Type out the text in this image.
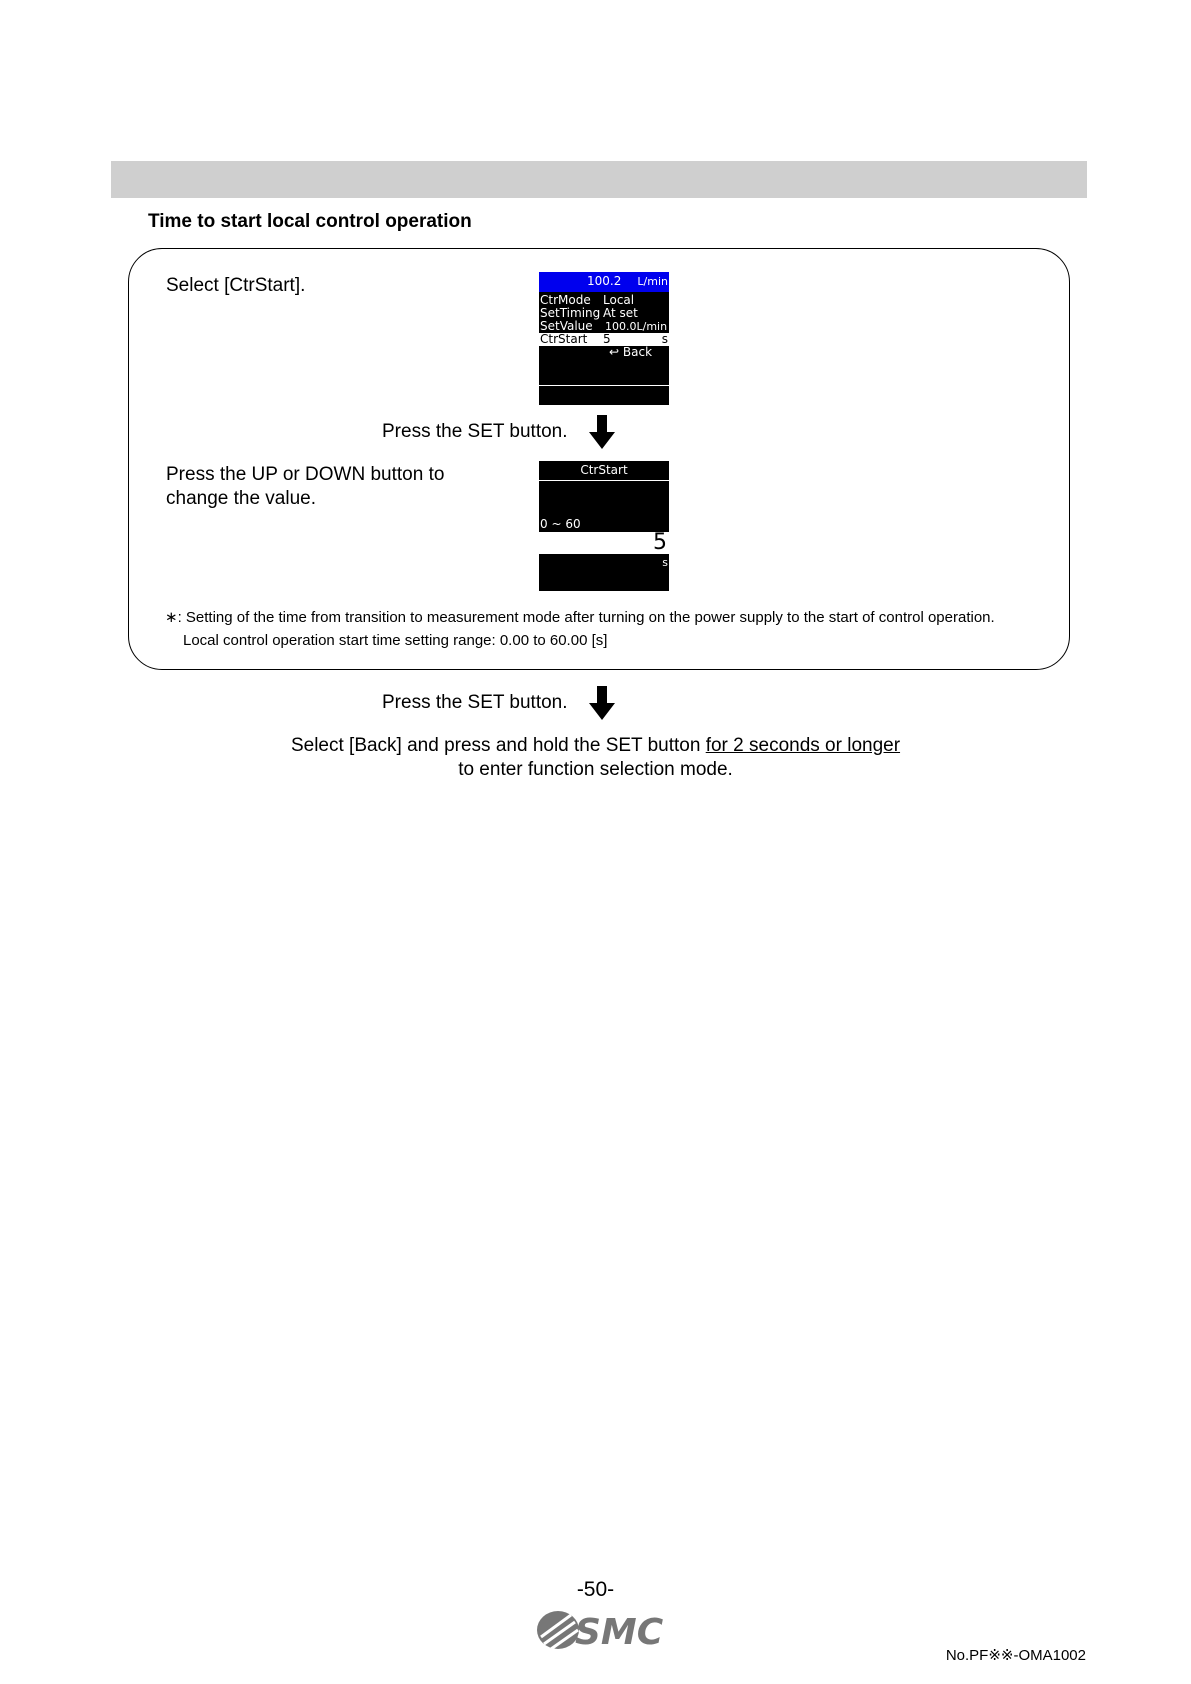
Time to start local control operation
Select [CtrStart].	100.2 L/min
CtrMode Local
SetTiming At set
SetValue 100.0L/min
CtrStart 5	s
↩ Back
Press the SET button.
Press the UP or DOWN button to
change the value.
CtrStart
0 ~ 60
5
s
∗: Setting of the time from transition to measurement mode after turning on the power supply to the start of control operation.
Local control operation start time setting range: 0.00 to 60.00 [s]
Press the SET button.
Select [Back] and press and hold the SET button for 2 seconds or longer
to enter function selection mode.
-50-
SMC
No.PF※※-OMA1002
